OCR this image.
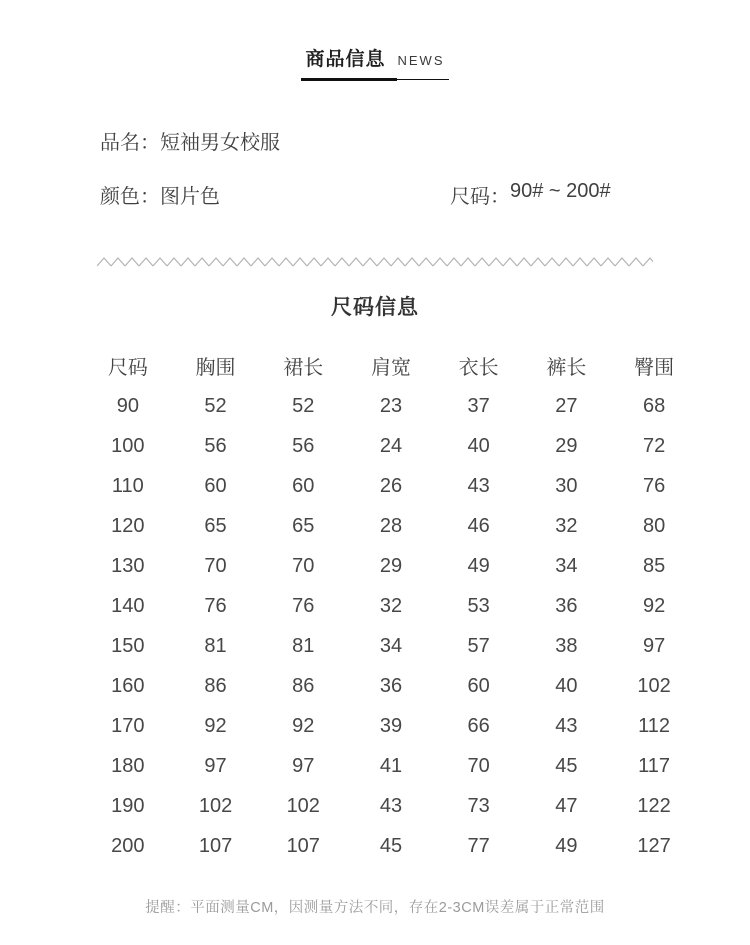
商品信息 NEWS
品名： 短袖男女校服
颜色： 图片色	尺码： 90# ~ 200#
尺码信息
尺码	胸围	裙长	肩宽	衣长	裤长	臀围
90	52	52	23	37	27	68
100	56	56	24	40	29	72
110	60	60	26	43	30	76
120	65	65	28	46	32	80
130	70	70	29	49	34	85
140	76	76	32	53	36	92
150	81	81	34	57	38	97
160	86	86	36	60	40	102
170	92	92	39	66	43	112
180	97	97	41	70	45	117
190	102	102	43	73	47	122
200	107	107	45	77	49	127
提醒：平面测量CM，因测量方法不同，存在2-3CM误差属于正常范围
